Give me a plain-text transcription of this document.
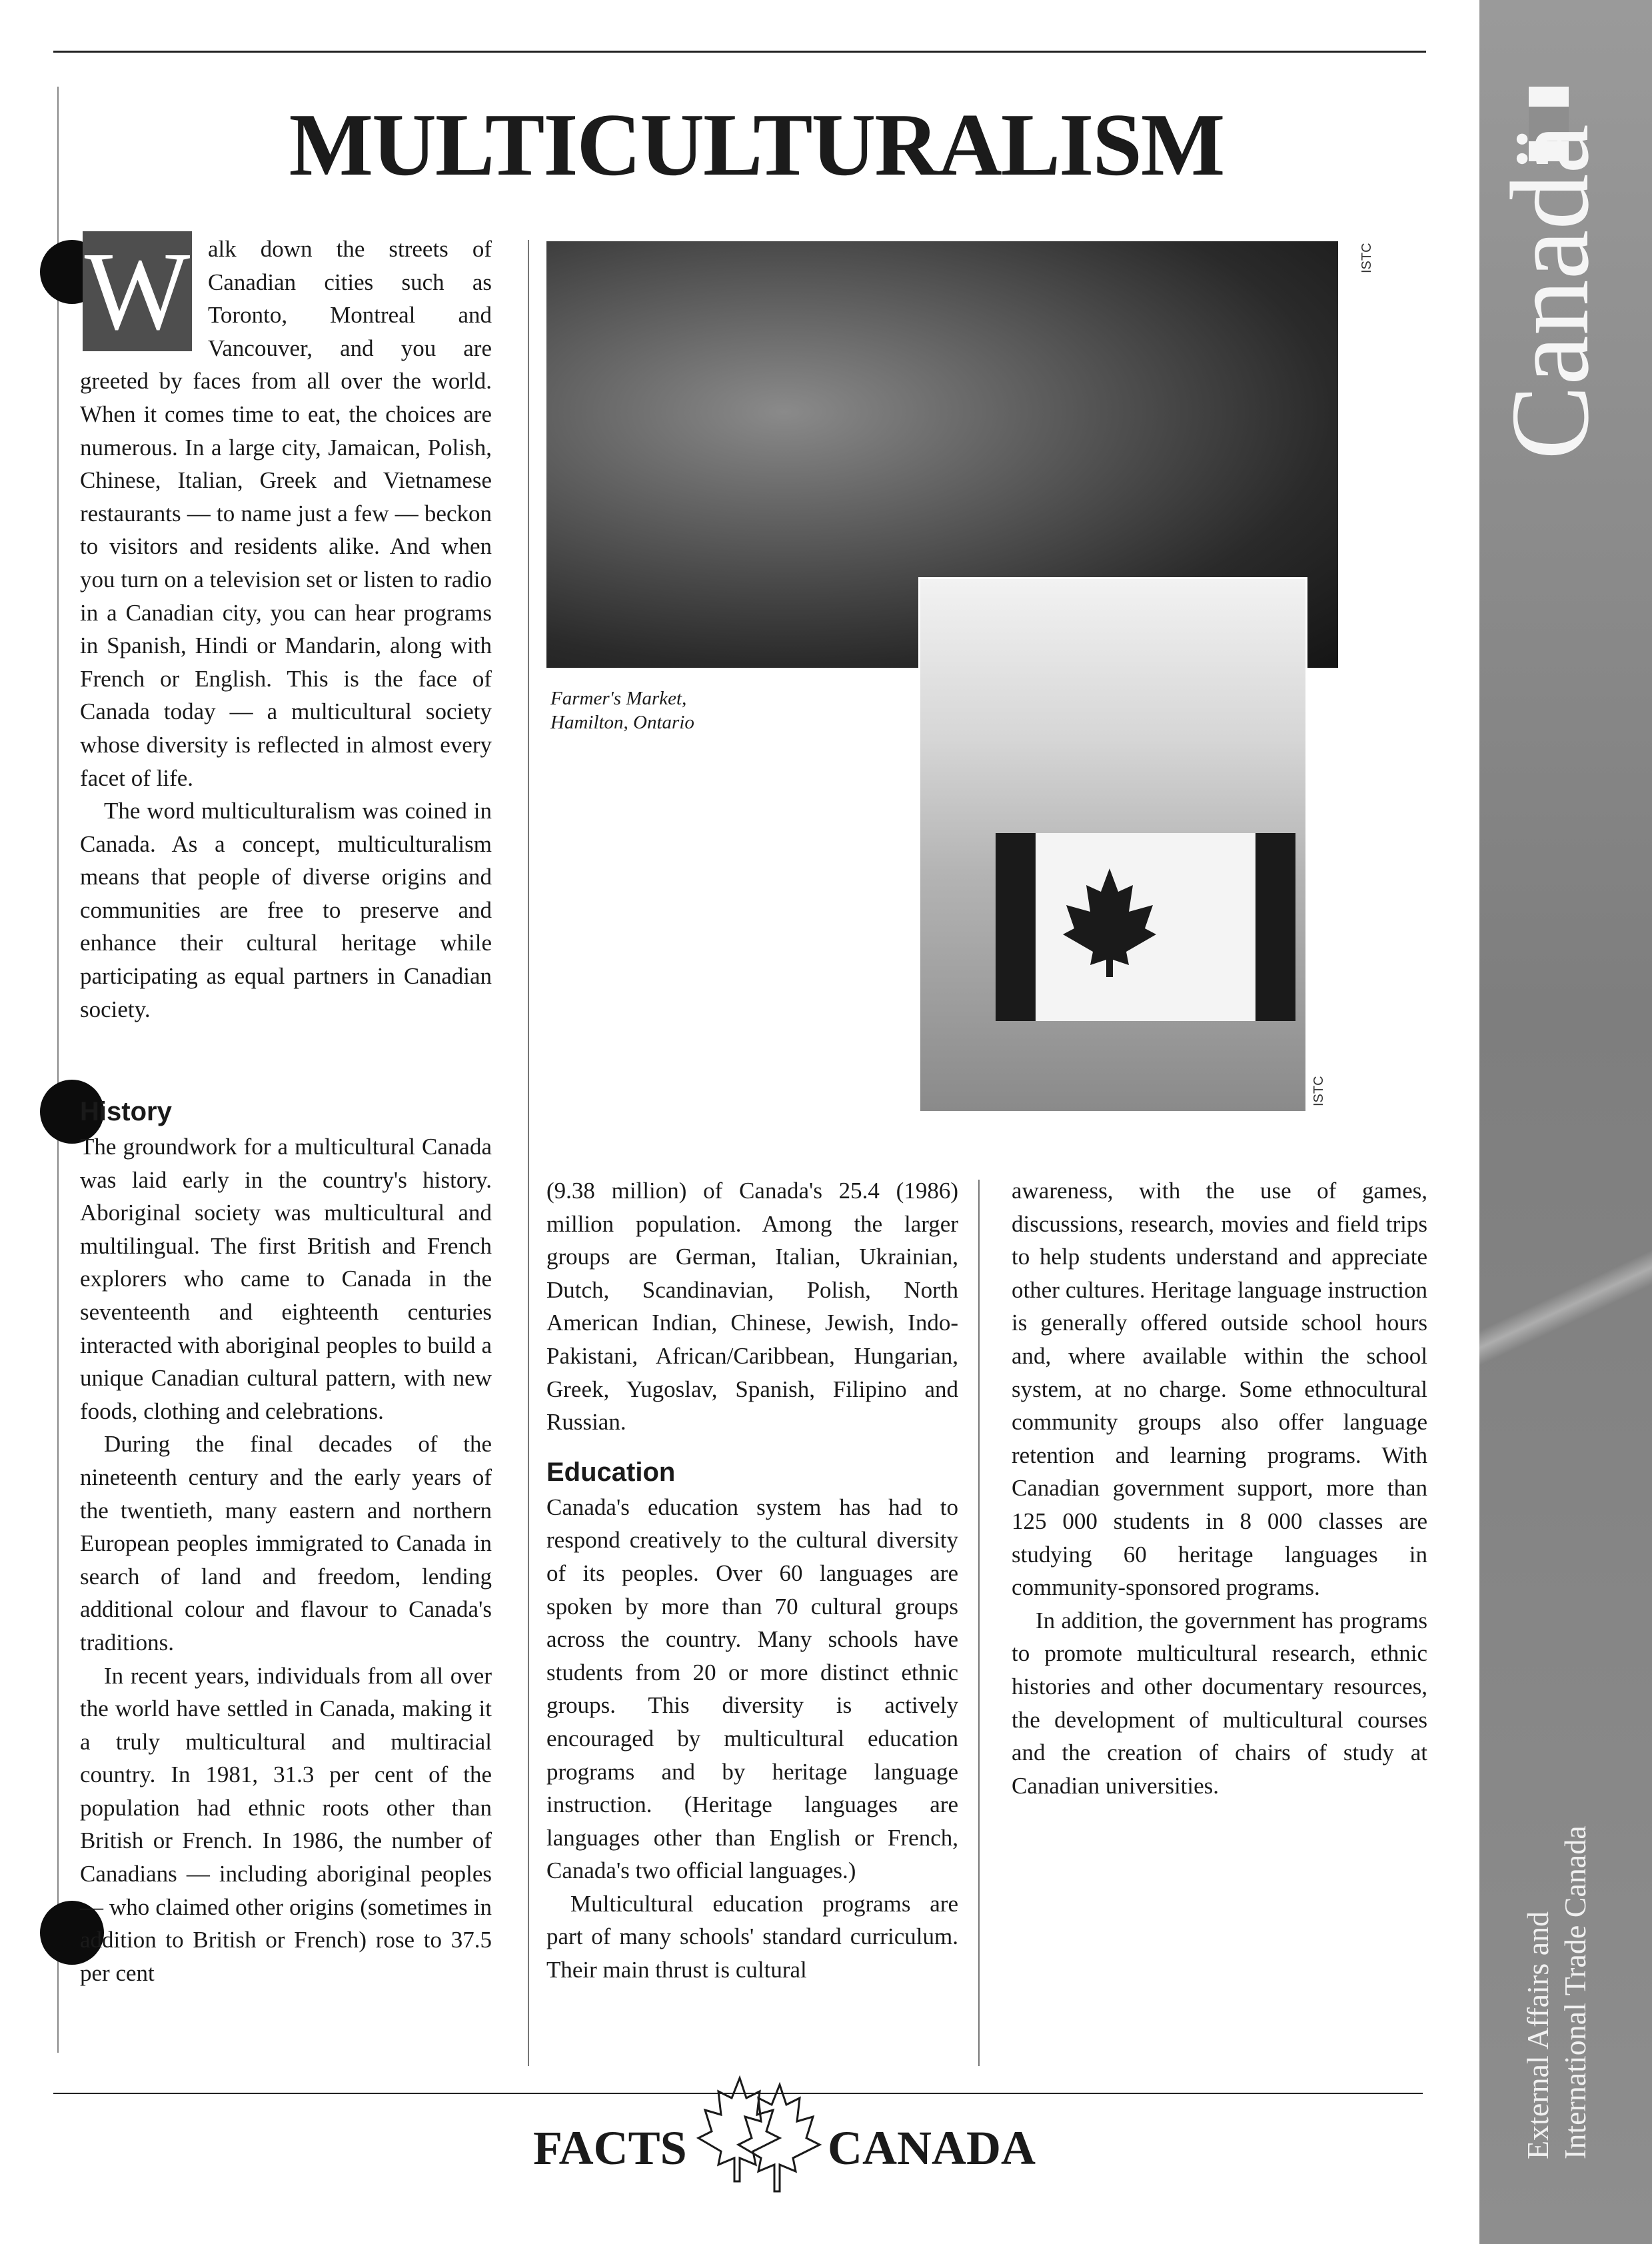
MULTICULTURALISM
W alk down the streets of Canadian cities such as Toronto, Montreal and Vancouver, and you are greeted by faces from all over the world. When it comes time to eat, the choices are numerous. In a large city, Jamaican, Polish, Chinese, Italian, Greek and Vietnamese restaurants — to name just a few — beckon to visitors and residents alike. And when you turn on a television set or listen to radio in a Canadian city, you can hear programs in Spanish, Hindi or Mandarin, along with French or English. This is the face of Canada today — a multicultural society whose diversity is reflected in almost every facet of life.

The word multiculturalism was coined in Canada. As a concept, multiculturalism means that people of diverse origins and communities are free to preserve and enhance their cultural heritage while participating as equal partners in Canadian society.

History

The groundwork for a multicultural Canada was laid early in the country's history. Aboriginal society was multicultural and multilingual. The first British and French explorers who came to Canada in the seventeenth and eighteenth centuries interacted with aboriginal peoples to build a unique Canadian cultural pattern, with new foods, clothing and celebrations.

During the final decades of the nineteenth century and the early years of the twentieth, many eastern and northern European peoples immigrated to Canada in search of land and freedom, lending additional colour and flavour to Canada's traditions.

In recent years, individuals from all over the world have settled in Canada, making it a truly multicultural and multiracial country. In 1981, 31.3 per cent of the population had ethnic roots other than British or French. In 1986, the number of Canadians — including aboriginal peoples — who claimed other origins (sometimes in addition to British or French) rose to 37.5 per cent

ISTC

Farmer's Market,
Hamilton, Ontario

ISTC

(9.38 million) of Canada's 25.4 (1986) million population. Among the larger groups are German, Italian, Ukrainian, Dutch, Scandinavian, Polish, North American Indian, Chinese, Jewish, Indo-Pakistani, African/Caribbean, Hungarian, Greek, Yugoslav, Spanish, Filipino and Russian.

Education

Canada's education system has had to respond creatively to the cultural diversity of its peoples. Over 60 languages are spoken by more than 70 cultural groups across the country. Many schools have students from 20 or more distinct ethnic groups. This diversity is actively encouraged by multicultural education programs and by heritage language instruction. (Heritage languages are languages other than English or French, Canada's two official languages.)

Multicultural education programs are part of many schools' standard curriculum. Their main thrust is cultural

awareness, with the use of games, discussions, research, movies and field trips to help students understand and appreciate other cultures. Heritage language instruction is generally offered outside school hours and, where available within the school system, at no charge. Some ethnocultural community groups also offer language retention and learning programs. With Canadian government support, more than 125 000 students in 8 000 classes are studying 60 heritage languages in community-sponsored programs.

In addition, the government has programs to promote multicultural research, ethnic histories and other documentary resources, the development of multicultural courses and the creation of chairs of study at Canadian universities.

Canadä
External Affairs and International Trade Canada
FACTS	CANADA
